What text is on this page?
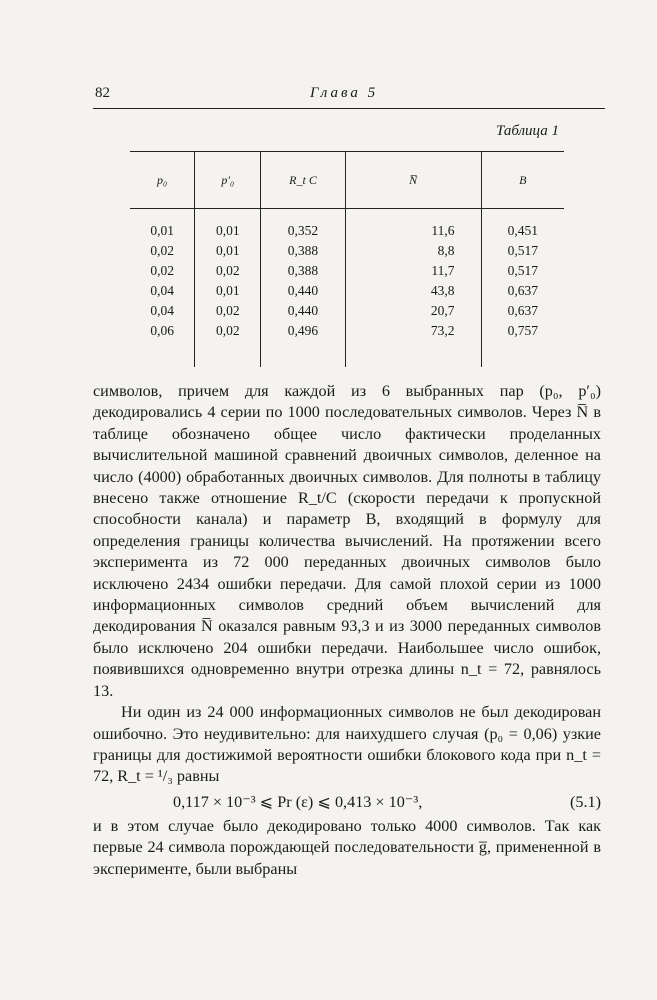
82	Глава 5
Таблица 1
p₀	p′₀	R_t C	N̅	B
0,01	0,01	0,352	11,6	0,451
0,02	0,01	0,388	8,8	0,517
0,02	0,02	0,388	11,7	0,517
0,04	0,01	0,440	43,8	0,637
0,04	0,02	0,440	20,7	0,637
0,06	0,02	0,496	73,2	0,757

символов, причем для каждой из 6 выбранных пар (p₀, p′₀) декодировались 4 серии по 1000 последовательных символов. Через N̅ в таблице обозначено общее число фактически проделанных вычислительной машиной сравнений двоичных символов, деленное на число (4000) обработанных двоичных символов. Для полноты в таблицу внесено также отношение R_t/C (скорости передачи к пропускной способности канала) и параметр B, входящий в формулу для определения границы количества вычислений. На протяжении всего эксперимента из 72 000 переданных двоичных символов было исключено 2434 ошибки передачи. Для самой плохой серии из 1000 информационных символов средний объем вычислений для декодирования N̅ оказался равным 93,3 и из 3000 переданных символов было исключено 204 ошибки передачи. Наибольшее число ошибок, появившихся одновременно внутри отрезка длины n_t = 72, равнялось 13.

Ни один из 24 000 информационных символов не был декодирован ошибочно. Это неудивительно: для наихудшего случая (p₀ = 0,06) узкие границы для достижимой вероятности ошибки блокового кода при n_t = 72, R_t = ¹/₃ равны

0,117 × 10⁻³ ⩽ Pr (ε) ⩽ 0,413 × 10⁻³,	(5.1)

и в этом случае было декодировано только 4000 символов. Так как первые 24 символа порождающей последовательности g̅, примененной в эксперименте, были выбраны
